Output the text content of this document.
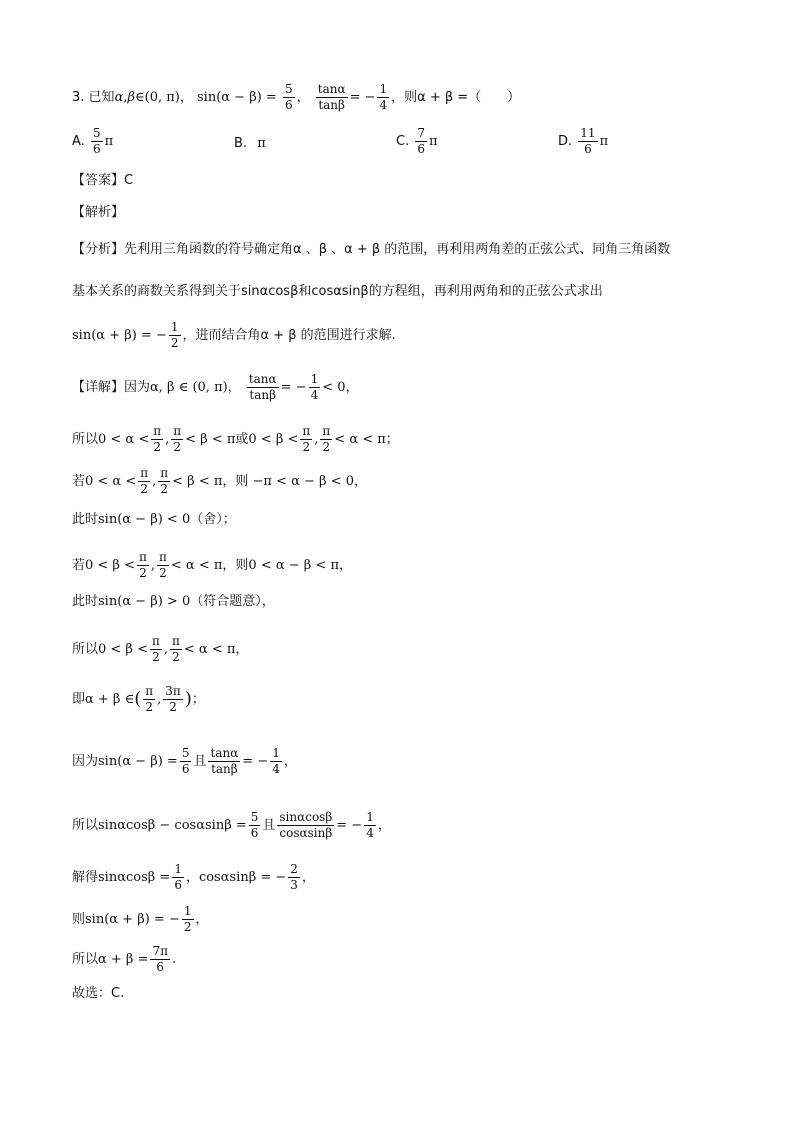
3. 已知α,β∈(0, π)， $\sin(\alpha - \beta) = \frac{5}{6}$ ， $\frac{\tan\alpha}{\tan\beta}$ = − $\frac{1}{4}$ ，则α + β =（　　）
A. $\frac{5}{6}$ π	B. π	C. $\frac{7}{6}$ π	D. $\frac{11}{6}$ π
【答案】C
【解析】
【分析】先利用三角函数的符号确定角α 、β 、α + β 的范围，再利用两角差的正弦公式、同角三角函数
基本关系的商数关系得到关于sinαcosβ和cosαsinβ的方程组，再利用两角和的正弦公式求出
sin(α + β) = − $\frac{1}{2}$ ，进而结合角α + β 的范围进行求解.
【详解】因为α, β ∈ (0, π)， $\frac{\tan\alpha}{\tan\beta}$ = − $\frac{1}{4} < 0$，
所以$0 < \alpha < \frac{\pi}{2}$ , $\frac{\pi}{2} < \beta < \pi$或$0 < \beta < \frac{\pi}{2}$ , $\frac{\pi}{2} < \alpha < \pi$；
若$0 < \alpha < \frac{\pi}{2}$ , $\frac{\pi}{2} < \beta < \pi$，则 −π < α − β < 0，
此时sin(α − β) < 0（舍）；
若$0 < \beta < \frac{\pi}{2}$ , $\frac{\pi}{2} < \alpha < \pi$，则0 < α − β < π，
此时sin(α − β) > 0（符合题意），
所以$0 < \beta < \frac{\pi}{2}$ , $\frac{\pi}{2} < \alpha < \pi$，
即α + β ∈( $\frac{\pi}{2}$ , $\frac{3\pi}{2}$ )；
因为$\sin(\alpha - \beta) = \frac{5}{6}$ 且 $\frac{\tan\alpha}{\tan\beta}$ = − $\frac{1}{4}$ ，
所以$\sin\alpha\cos\beta - \cos\alpha\sin\beta = \frac{5}{6}$ 且 $\frac{\sin\alpha\cos\beta}{\cos\alpha\sin\beta}$ = − $\frac{1}{4}$ ，
解得$\sin\alpha\cos\beta = \frac{1}{6}$ ，cosαsinβ = − $\frac{2}{3}$ ，
则sin(α + β) = − $\frac{1}{2}$ ，
所以$\alpha + \beta = \frac{7\pi}{6}$ .
故选：C.
